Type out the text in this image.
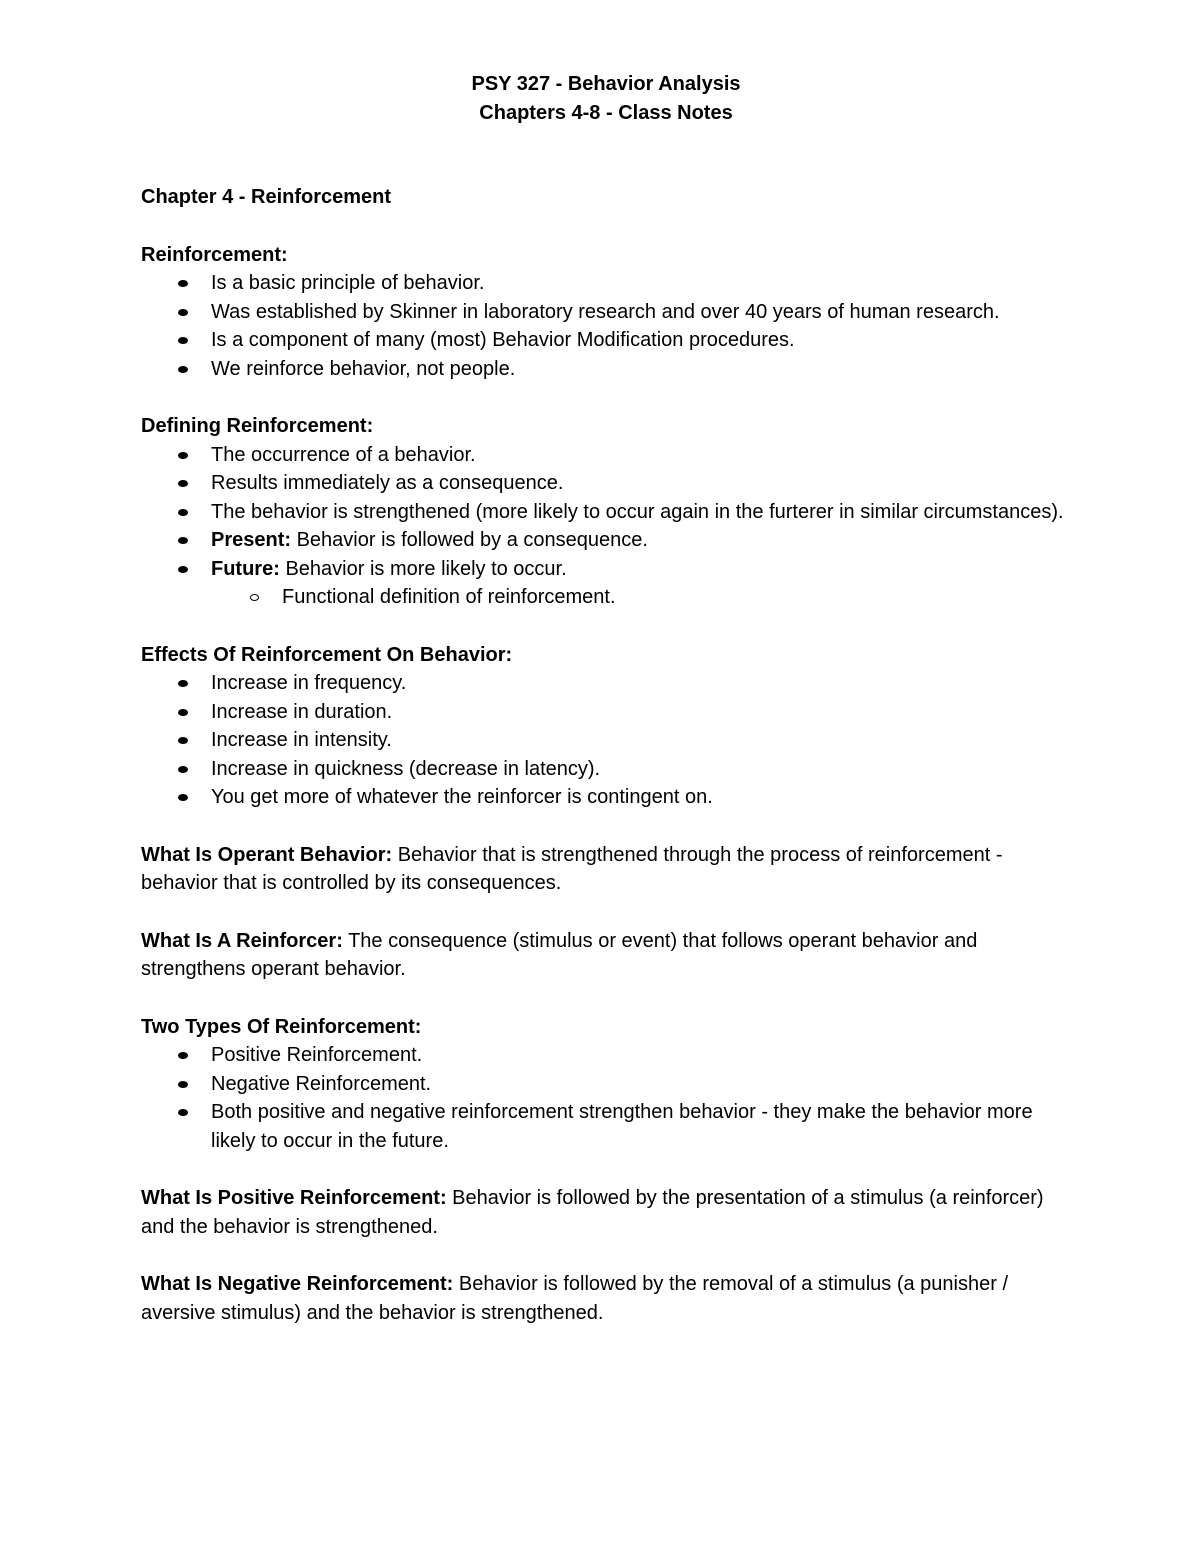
PSY 327 - Behavior Analysis

Chapters 4-8 - Class Notes

Chapter 4 - Reinforcement

Reinforcement:

Is a basic principle of behavior.
Was established by Skinner in laboratory research and over 40 years of human research.
Is a component of many (most) Behavior Modification procedures.
We reinforce behavior, not people.

Defining Reinforcement:

The occurrence of a behavior.
Results immediately as a consequence.
The behavior is strengthened (more likely to occur again in the furterer in similar circumstances).
Present: Behavior is followed by a consequence.
Future: Behavior is more likely to occur.
Functional definition of reinforcement.

Effects Of Reinforcement On Behavior:

Increase in frequency.
Increase in duration.
Increase in intensity.
Increase in quickness (decrease in latency).
You get more of whatever the reinforcer is contingent on.

What Is Operant Behavior: Behavior that is strengthened through the process of reinforcement - behavior that is controlled by its consequences.

What Is A Reinforcer: The consequence (stimulus or event) that follows operant behavior and strengthens operant behavior.

Two Types Of Reinforcement:

Positive Reinforcement.
Negative Reinforcement.
Both positive and negative reinforcement strengthen behavior - they make the behavior more likely to occur in the future.

What Is Positive Reinforcement: Behavior is followed by the presentation of a stimulus (a reinforcer) and the behavior is strengthened.

What Is Negative Reinforcement: Behavior is followed by the removal of a stimulus (a punisher / aversive stimulus) and the behavior is strengthened.
